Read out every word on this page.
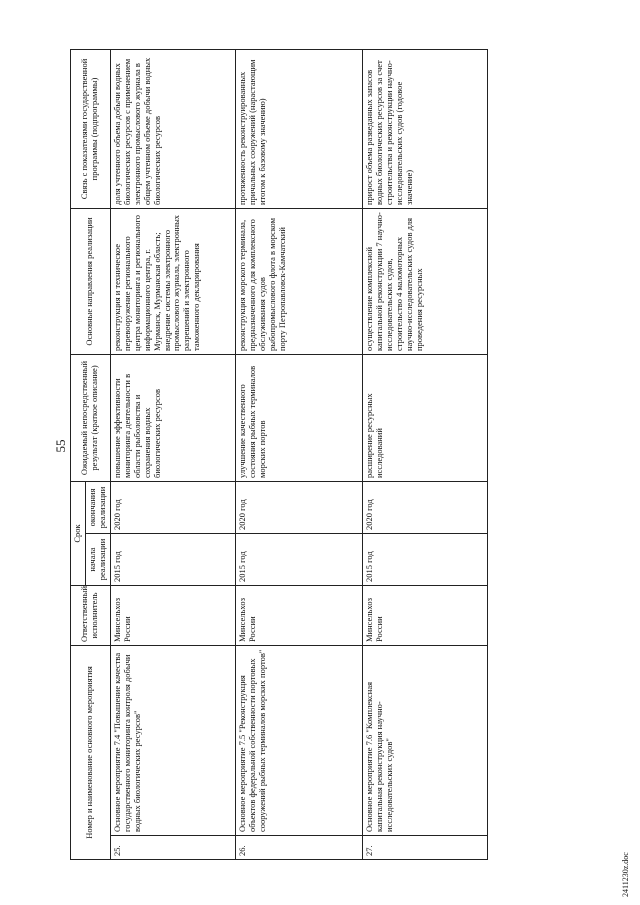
55
Номер и наименование основного мероприятия		Ответственный исполнитель	Срок		Ожидаемый непосредственный результат (краткое описание)	Основные направления реализации	Связь с показателями государственной программы (подпрограммы)
			начала реализации	окончания реализации			
25.	Основное мероприятие 7.4 "Повышение качества государственного мониторинга контроля добычи водных биологических ресурсов"	Минсельхоз России	2015 год	2020 год	повышение эффективности мониторинга деятельности в области рыболовства и сохранения водных биологических ресурсов	реконструкция и техническое перевооружение регионального центра мониторинга и регионального информационного центра, г. Мурманск, Мурманская область; внедрение системы электронного промыслового журнала, электронных разрешений и электронного таможенного декларирования	доля учтенного объема добычи водных биологических ресурсов с применением электронного промыслового журнала в общем учтенном объеме добычи водных биологических ресурсов
26.	Основное мероприятие 7.5 "Реконструкция объектов федеральной собственности портовых сооружений рыбных терминалов морских портов"	Минсельхоз России	2015 год	2020 год	улучшение качественного состояния рыбных терминалов морских портов	реконструкция морского терминала, предназначенного для комплексного обслуживания судов рыбопромыслового флота в морском порту Петропавловск-Камчатский	протяженность реконструированных причальных сооружений (нарастающим итогом к базовому значению)
27.	Основное мероприятие 7.6 "Комплексная капитальная реконструкция научно-исследовательских судов"	Минсельхоз России	2015 год	2020 год	расширение ресурсных исследований	осуществление комплексной капитальной реконструкции 7 научно-исследовательских судов, строительство 4 маломоторных научно-исследовательских судов для проведения ресурсных	прирост объема разведанных запасов водных биологических ресурсов за счет строительства и реконструкции научно-исследовательских судов (годовое значение)
2411230z.doc
